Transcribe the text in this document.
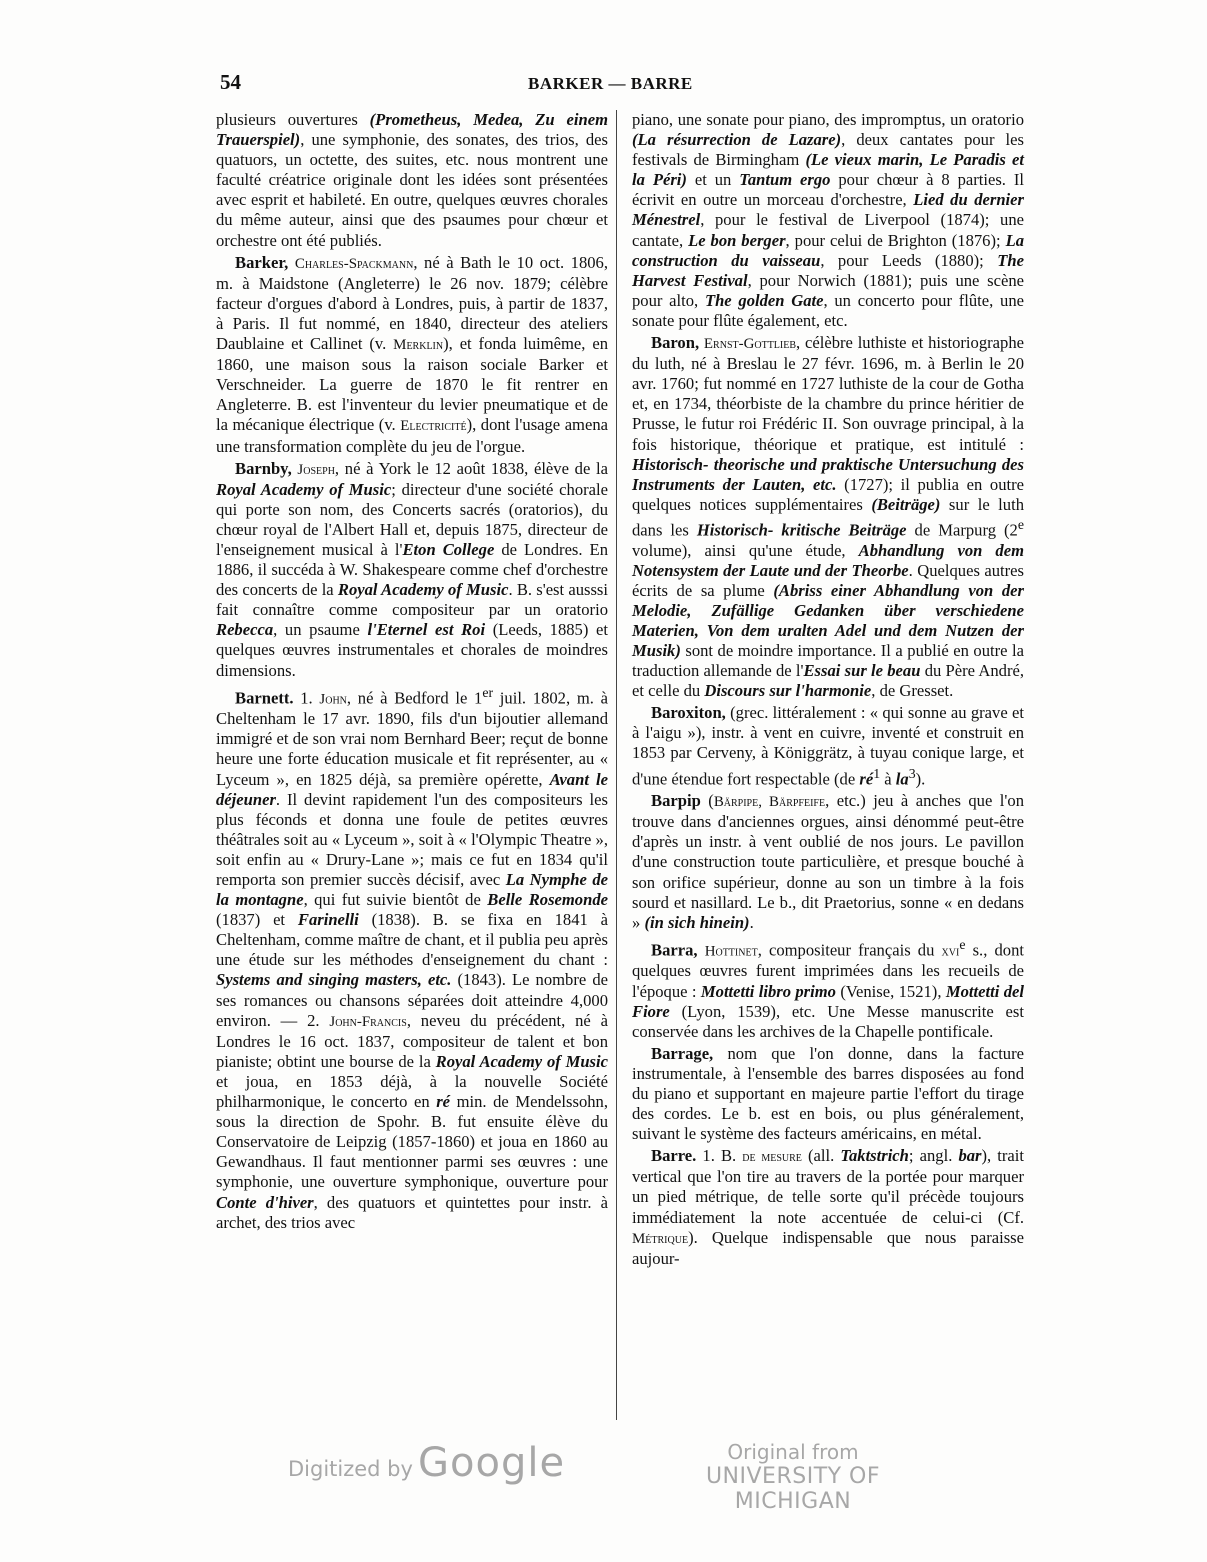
54	BARKER — BARRE

plusieurs ouvertures (Prometheus, Medea, Zu einem Trauerspiel), une symphonie, des sonates, des trios, des quatuors, un octette, des suites, etc. nous montrent une faculté créatrice originale dont les idées sont présentées avec esprit et habileté. En outre, quelques œuvres chorales du même auteur, ainsi que des psaumes pour chœur et orchestre ont été publiés.

Barker, Charles-Spackmann, né à Bath le 10 oct. 1806, m. à Maidstone (Angleterre) le 26 nov. 1879; célèbre facteur d'orgues d'abord à Londres, puis, à partir de 1837, à Paris. Il fut nommé, en 1840, directeur des ateliers Daublaine et Callinet (v. Merklin), et fonda luimême, en 1860, une maison sous la raison sociale Barker et Verschneider. La guerre de 1870 le fit rentrer en Angleterre. B. est l'inventeur du levier pneumatique et de la mécanique électrique (v. Electricité), dont l'usage amena une transformation complète du jeu de l'orgue.

Barnby, Joseph, né à York le 12 août 1838, élève de la Royal Academy of Music; directeur d'une société chorale qui porte son nom, des Concerts sacrés (oratorios), du chœur royal de l'Albert Hall et, depuis 1875, directeur de l'enseignement musical à l'Eton College de Londres. En 1886, il succéda à W. Shakespeare comme chef d'orchestre des concerts de la Royal Academy of Music. B. s'est ausssi fait connaître comme compositeur par un oratorio Rebecca, un psaume l'Eternel est Roi (Leeds, 1885) et quelques œuvres instrumentales et chorales de moindres dimensions.

Barnett. 1. John, né à Bedford le 1er juil. 1802, m. à Cheltenham le 17 avr. 1890, fils d'un bijoutier allemand immigré et de son vrai nom Bernhard Beer; reçut de bonne heure une forte éducation musicale et fit représenter, au « Lyceum », en 1825 déjà, sa première opérette, Avant le déjeuner. Il devint rapidement l'un des compositeurs les plus féconds et donna une foule de petites œuvres théâtrales soit au « Lyceum », soit à « l'Olympic Theatre », soit enfin au « Drury-Lane »; mais ce fut en 1834 qu'il remporta son premier succès décisif, avec La Nymphe de la montagne, qui fut suivie bientôt de Belle Rosemonde (1837) et Farinelli (1838). B. se fixa en 1841 à Cheltenham, comme maître de chant, et il publia peu après une étude sur les méthodes d'enseignement du chant : Systems and singing masters, etc. (1843). Le nombre de ses romances ou chansons séparées doit atteindre 4,000 environ. — 2. John-Francis, neveu du précédent, né à Londres le 16 oct. 1837, compositeur de talent et bon pianiste; obtint une bourse de la Royal Academy of Music et joua, en 1853 déjà, à la nouvelle Société philharmonique, le concerto en ré min. de Mendelssohn, sous la direction de Spohr. B. fut ensuite élève du Conservatoire de Leipzig (1857-1860) et joua en 1860 au Gewandhaus. Il faut mentionner parmi ses œuvres : une symphonie, une ouverture symphonique, ouverture pour Conte d'hiver, des quatuors et quintettes pour instr. à archet, des trios avec

piano, une sonate pour piano, des impromptus, un oratorio (La résurrection de Lazare), deux cantates pour les festivals de Birmingham (Le vieux marin, Le Paradis et la Péri) et un Tantum ergo pour chœur à 8 parties. Il écrivit en outre un morceau d'orchestre, Lied du dernier Ménestrel, pour le festival de Liverpool (1874); une cantate, Le bon berger, pour celui de Brighton (1876); La construction du vaisseau, pour Leeds (1880); The Harvest Festival, pour Norwich (1881); puis une scène pour alto, The golden Gate, un concerto pour flûte, une sonate pour flûte également, etc.

Baron, Ernst-Gottlieb, célèbre luthiste et historiographe du luth, né à Breslau le 27 févr. 1696, m. à Berlin le 20 avr. 1760; fut nommé en 1727 luthiste de la cour de Gotha et, en 1734, théorbiste de la chambre du prince héritier de Prusse, le futur roi Frédéric II. Son ouvrage principal, à la fois historique, théorique et pratique, est intitulé : Historisch- theorische und praktische Untersuchung des Instruments der Lauten, etc. (1727); il publia en outre quelques notices supplémentaires (Beiträge) sur le luth dans les Historisch- kritische Beiträge de Marpurg (2e volume), ainsi qu'une étude, Abhandlung von dem Notensystem der Laute und der Theorbe. Quelques autres écrits de sa plume (Abriss einer Abhandlung von der Melodie, Zufällige Gedanken über verschiedene Materien, Von dem uralten Adel und dem Nutzen der Musik) sont de moindre importance. Il a publié en outre la traduction allemande de l'Essai sur le beau du Père André, et celle du Discours sur l'harmonie, de Gresset.

Baroxiton, (grec. littéralement : « qui sonne au grave et à l'aigu »), instr. à vent en cuivre, inventé et construit en 1853 par Cerveny, à Königgrätz, à tuyau conique large, et d'une étendue fort respectable (de $ré^1$ à $la^3$).

Barpip (Bärpipe, Bärpfeife, etc.) jeu à anches que l'on trouve dans d'anciennes orgues, ainsi dénommé peut-être d'après un instr. à vent oublié de nos jours. Le pavillon d'une construction toute particulière, et presque bouché à son orifice supérieur, donne au son un timbre à la fois sourd et nasillard. Le b., dit Praetorius, sonne « en dedans » (in sich hinein).

Barra, Hottinet, compositeur français du xvi$^e$ s., dont quelques œuvres furent imprimées dans les recueils de l'époque : Mottetti libro primo (Venise, 1521), Mottetti del Fiore (Lyon, 1539), etc. Une Messe manuscrite est conservée dans les archives de la Chapelle pontificale.

Barrage, nom que l'on donne, dans la facture instrumentale, à l'ensemble des barres disposées au fond du piano et supportant en majeure partie l'effort du tirage des cordes. Le b. est en bois, ou plus généralement, suivant le système des facteurs américains, en métal.

Barre. 1. B. de mesure (all. Taktstrich; angl. bar), trait vertical que l'on tire au travers de la portée pour marquer un pied métrique, de telle sorte qu'il précède toujours immédiatement la note accentuée de celui-ci (Cf. Métrique). Quelque indispensable que nous paraisse aujour-

Digitized by Google	Original from
UNIVERSITY OF MICHIGAN
